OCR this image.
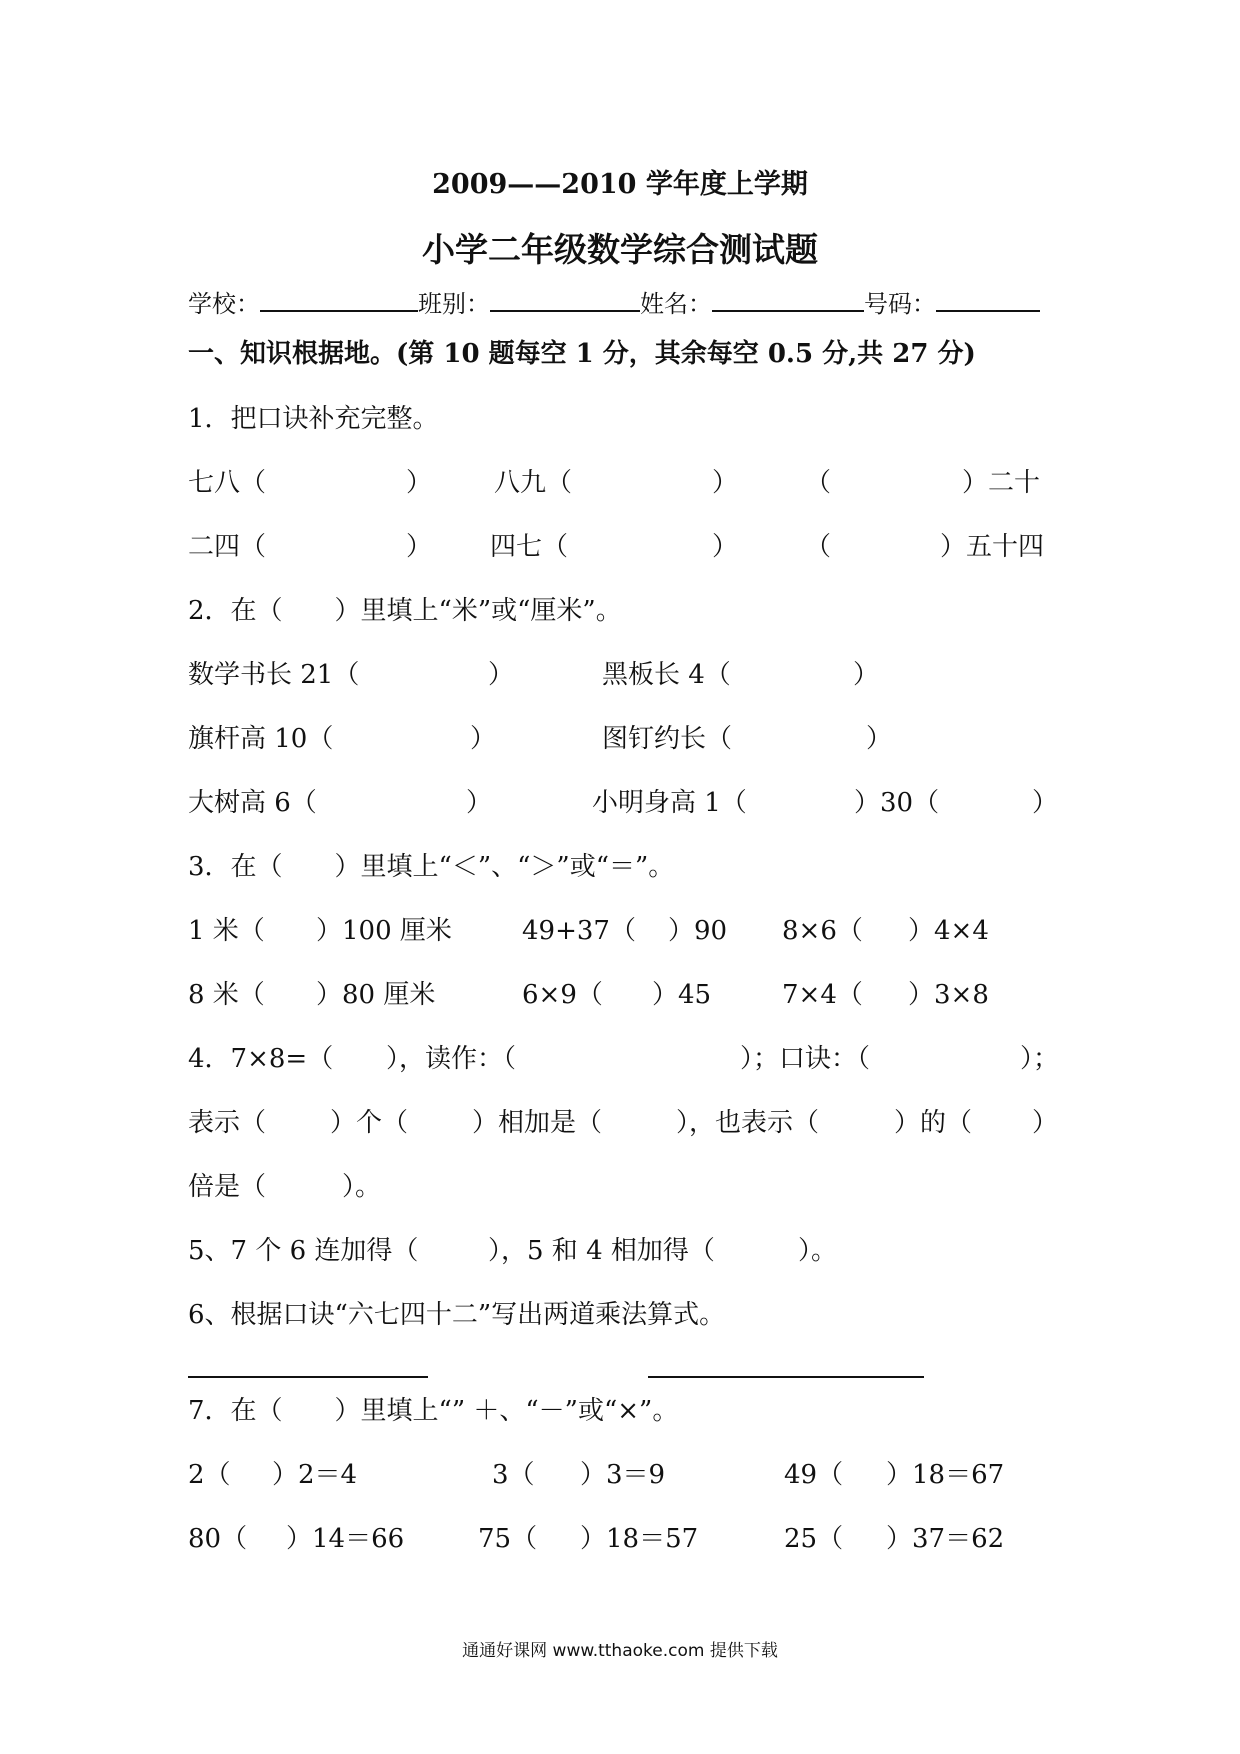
2009——2010 学年度上学期
小学二年级数学综合测试题
学校：	班别：	姓名：	号码：
一、知识根据地。(第 10 题每空 1 分，其余每空 0.5 分,共 27 分)
1．把口诀补充完整。
七八（	） 八九（	）	（	）二十
二四（	） 四七（	）	（	）五十四
2．在（　　）里填上“米”或“厘米”。
数学书长 21（	）	黑板长 4（	）
旗杆高 10（	）	图钉约长（	）
大树高 6（	）	小明身高 1（	）30（	）
3．在（　　）里填上“＜”、“＞”或“＝”。
1 米（ ）100 厘米	49+37（ ）90 8×6（ ）4×4
8 米（ ）80 厘米	6×9（ ）45	7×4（ ）3×8
4．7×8=（ ），读作：（	）；口诀：（	）；
表示（ ）个（ ）相加是（	），也表示（	）的（ ）
倍是（	）。
5、7 个 6 连加得（	），5 和 4 相加得（	）。
6、根据口诀“六七四十二”写出两道乘法算式。
7．在（　　）里填上“” ＋、“－”或“×”。
2（ ）2＝4	3（ ）3＝9	49（ ）18＝67
80（ ）14＝66	75（ ）18＝57	25（ ）37＝62
通通好课网 www.tthaoke.com 提供下载
